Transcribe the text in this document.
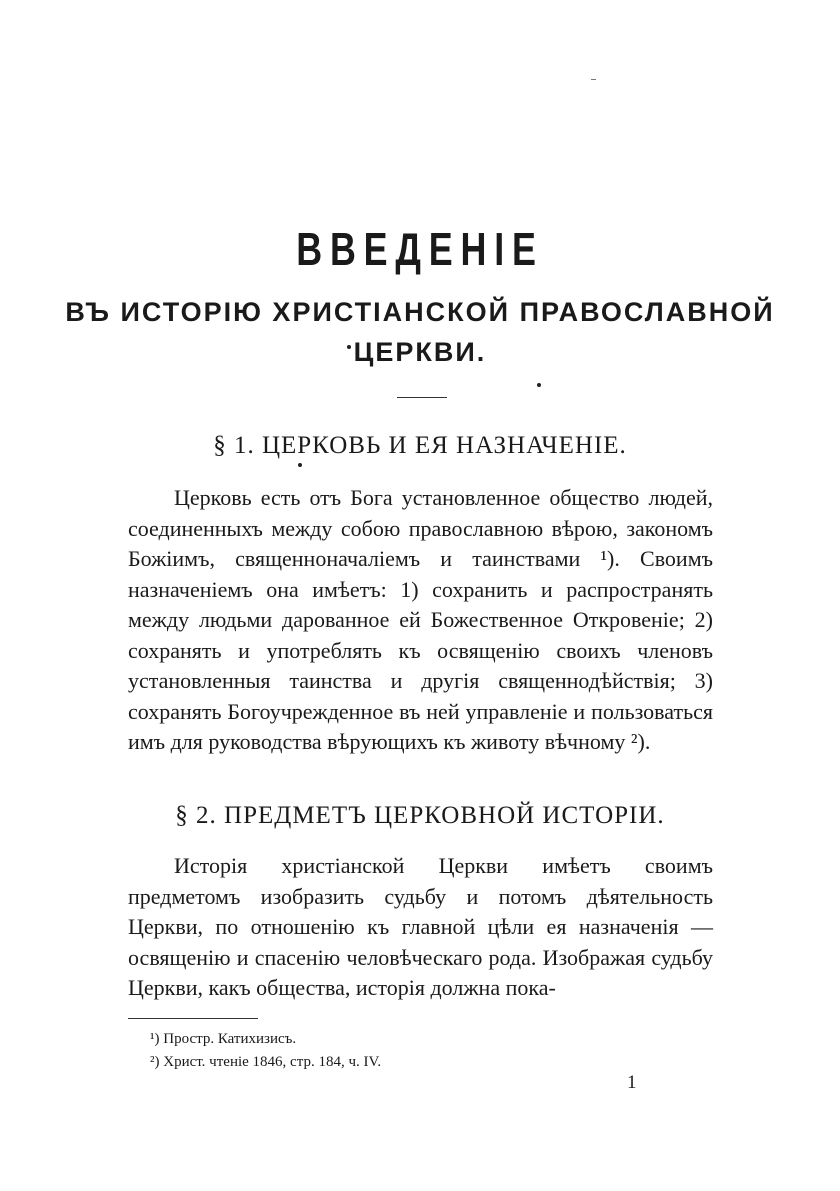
ВВЕДЕНІЕ
ВЪ ИСТОРІЮ ХРИСТІАНСКОЙ ПРАВОСЛАВНОЙ
ЦЕРКВИ.
§ 1. ЦЕРКОВЬ И ЕЯ НАЗНАЧЕНІЕ.

Церковь есть отъ Бога установленное общество людей, соединенныхъ между собою православною вѣрою, закономъ Божіимъ, священноначаліемъ и таинствами ¹). Своимъ назначеніемъ она имѣетъ: 1) сохранить и распространять между людьми дарованное ей Божественное Откровеніе; 2) сохранять и употреблять къ освященію своихъ членовъ установленныя таинства и другія священнодѣйствія; 3) сохранять Богоучрежденное въ ней управленіе и пользоваться имъ для руководства вѣрующихъ къ животу вѣчному ²).

§ 2. ПРЕДМЕТЪ ЦЕРКОВНОЙ ИСТОРІИ.

Исторія христіанской Церкви имѣетъ своимъ предметомъ изобразить судьбу и потомъ дѣятельность Церкви, по отношенію къ главной цѣли ея назначенія — освященію и спасенію человѣческаго рода. Изображая судьбу Церкви, какъ общества, исторія должна пока-

¹) Простр. Катихизисъ.
²) Христ. чтеніе 1846, стр. 184, ч. IV.
1
